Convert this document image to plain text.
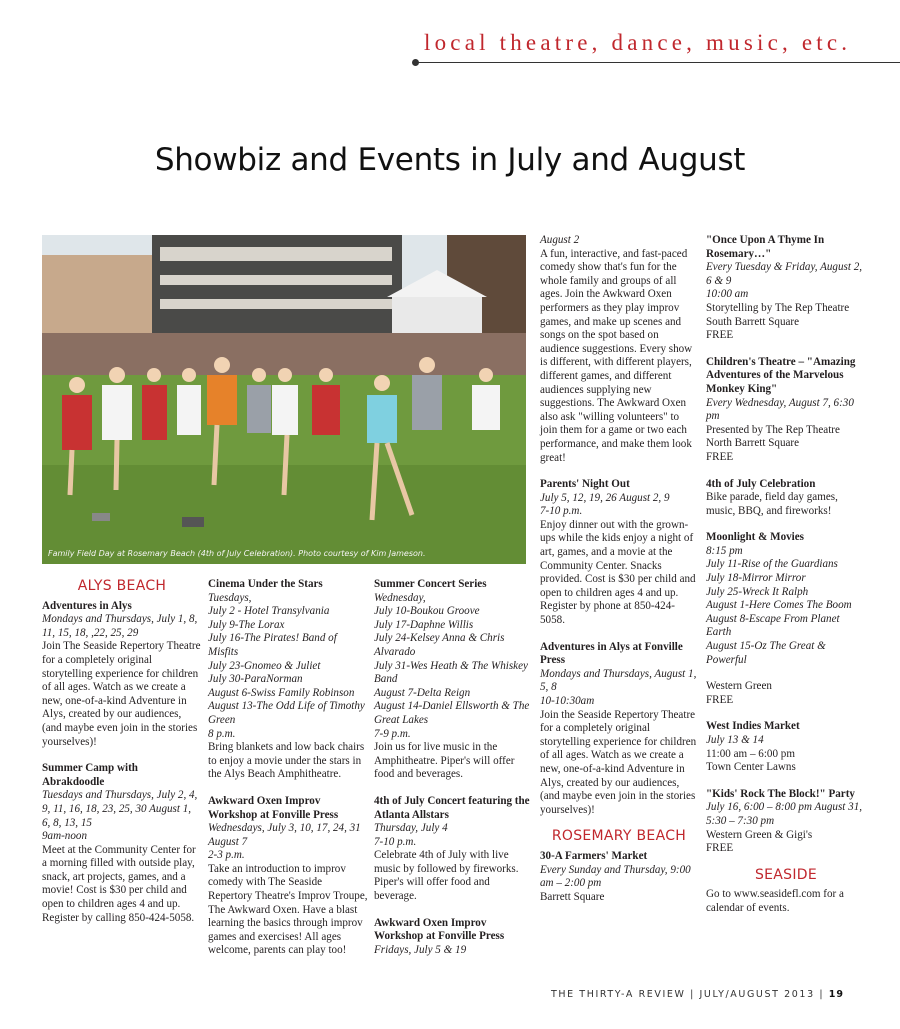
local theatre, dance, music, etc.
Showbiz and Events in July and August
Family Field Day at Rosemary Beach (4th of July Celebration). Photo courtesy of Kim Jameson.
ALYS BEACH
Adventures in Alys
Mondays and Thursdays, July 1, 8, 11, 15, 18, ,22, 25, 29
Join The Seaside Repertory Theatre for a completely original storytelling experience for children of all ages. Watch as we create a new, one-of-a-kind Adventure in Alys, created by our audiences, (and maybe even join in the stories yourselves)!
Summer Camp with Abrakdoodle
Tuesdays and Thursdays, July 2, 4, 9, 11, 16, 18, 23, 25, 30 August 1, 6, 8, 13, 15
9am-noon
Meet at the Community Center for a morning filled with outside play, snack, art projects, games, and a movie! Cost is $30 per child and open to children ages 4 and up. Register by calling 850-424-5058.
Cinema Under the Stars
Tuesdays,
July 2 - Hotel Transylvania
July 9-The Lorax
July 16-The Pirates! Band of Misfits
July 23-Gnomeo & Juliet
July 30-ParaNorman
August 6-Swiss Family Robinson
August 13-The Odd Life of Timothy Green
8 p.m.
Bring blankets and low back chairs to enjoy a movie under the stars in the Alys Beach Amphitheatre.
Awkward Oxen Improv Workshop at Fonville Press
Wednesdays, July 3, 10, 17, 24, 31 August 7
2-3 p.m.
Take an introduction to improv comedy with The Seaside Repertory Theatre's Improv Troupe, The Awkward Oxen. Have a blast learning the basics through improv games and exercises! All ages welcome, parents can play too!
Summer Concert Series
Wednesday,
July 10-Boukou Groove
July 17-Daphne Willis
July 24-Kelsey Anna & Chris Alvarado
July 31-Wes Heath & The Whiskey Band
August 7-Delta Reign
August 14-Daniel Ellsworth & The Great Lakes
7-9 p.m.
Join us for live music in the Amphitheatre. Piper's will offer food and beverages.
4th of July Concert featuring the Atlanta Allstars
Thursday, July 4
7-10 p.m.
Celebrate 4th of July with live music by followed by fireworks. Piper's will offer food and beverage.
Awkward Oxen Improv Workshop at Fonville Press
Fridays, July 5 & 19
August 2
A fun, interactive, and fast-paced comedy show that's fun for the whole family and groups of all ages. Join the Awkward Oxen performers as they play improv games, and make up scenes and songs on the spot based on audience suggestions. Every show is different, with different players, different games, and different audiences supplying new suggestions. The Awkward Oxen also ask "willing volunteers" to join them for a game or two each performance, and make them look great!
Parents' Night Out
July 5, 12, 19, 26 August 2, 9
7-10 p.m.
Enjoy dinner out with the grown-ups while the kids enjoy a night of art, games, and a movie at the Community Center. Snacks provided. Cost is $30 per child and open to children ages 4 and up. Register by phone at 850-424-5058.
Adventures in Alys at Fonville Press
Mondays and Thursdays, August 1, 5, 8
10-10:30am
Join the Seaside Repertory Theatre for a completely original storytelling experience for children of all ages. Watch as we create a new, one-of-a-kind Adventure in Alys, created by our audiences, (and maybe even join in the stories yourselves)!
ROSEMARY BEACH
30-A Farmers' Market
Every Sunday and Thursday, 9:00 am – 2:00 pm
Barrett Square
"Once Upon A Thyme In Rosemary…"
Every Tuesday & Friday, August 2, 6 & 9
10:00 am
Storytelling by The Rep Theatre South Barrett Square
FREE
Children's Theatre – "Amazing Adventures of the Marvelous Monkey King"
Every Wednesday, August 7, 6:30 pm
Presented by The Rep Theatre North Barrett Square
FREE
4th of July Celebration
Bike parade, field day games, music, BBQ, and fireworks!
Moonlight & Movies
8:15 pm
July 11-Rise of the Guardians
July 18-Mirror Mirror
July 25-Wreck It Ralph
August 1-Here Comes The Boom
August 8-Escape From Planet Earth
August 15-Oz The Great & Powerful
Western Green
FREE
West Indies Market
July 13 & 14
11:00 am – 6:00 pm
Town Center Lawns
"Kids' Rock The Block!" Party
July 16, 6:00 – 8:00 pm August 31, 5:30 – 7:30 pm
Western Green & Gigi's
FREE
SEASIDE
Go to www.seasidefl.com for a calendar of events.
THE THIRTY-A REVIEW | JULY/AUGUST 2013 | 19
